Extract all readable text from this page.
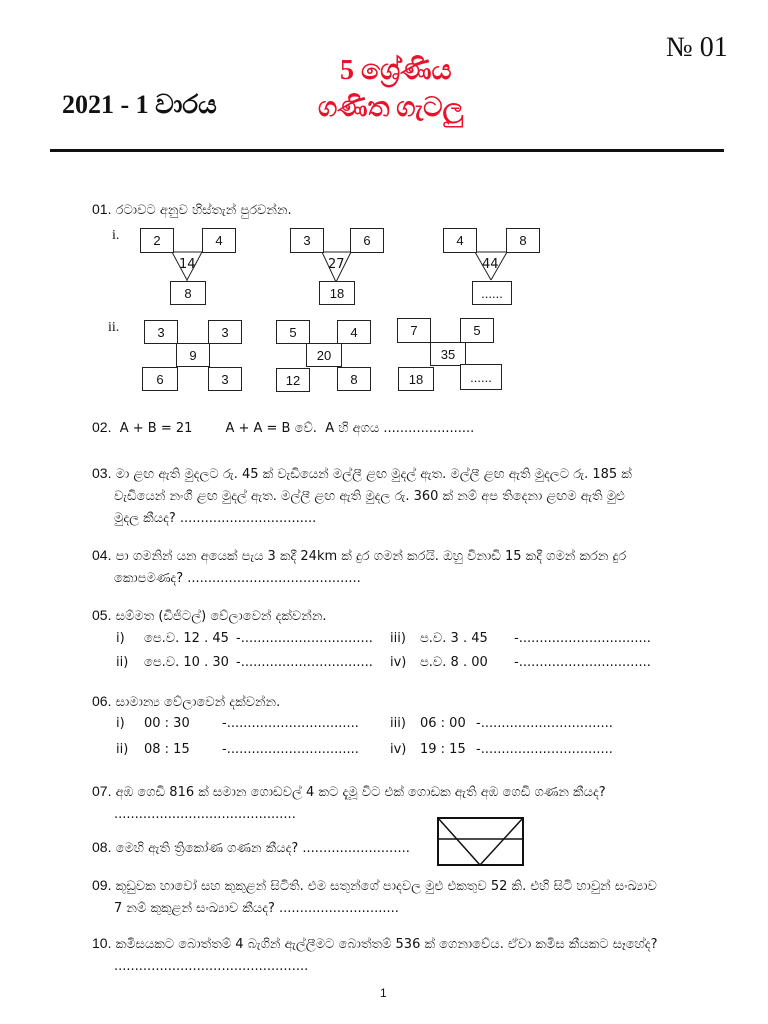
№ 01
5 ශ්‍රේණිය
2021 - 1 වාරය	ගණිත ගැටලු
01. රටාවට අනුව හිස්තැන් පුරවන්න.
i.
ii.
2	4
14
8
3	6
27
18
4	8
44
......
3	3
9
6	3
5	4
20
12	8
7	5
35
18	......
02. A + B = 21        A + A = B වේ.  A හි අගය ......................
03. මා ළඟ ඇති මුදලට රු. 45 ක් වැඩියෙන් මල්ලී ළඟ මුදල් ඇත. මල්ලී ළඟ ඇති මුදලට රු. 185 ක්
වැඩියෙන් නංගී ළඟ මුදල් ඇත. මල්ලී ළඟ ඇති මුදල රු. 360 ක් නම් අප තිදෙනා ළඟම ඇති මුළු
මුදල කීයද? .................................
04. පා ගමනින් යන අයෙක් පැය 3 කදී 24km ක් දුර ගමන් කරයි. ඔහු විනාඩි 15 කදී ගමන් කරන දුර
කොපමණද? ..........................................
05. සම්මත (ඩිජිටල්) වේලාවෙන් දක්වන්න.
i) පෙ.ව. 12 . 45 -................................ iii) ප.ව. 3 . 45 -................................
ii) පෙ.ව. 10 . 30 -................................ iv) ප.ව. 8 . 00 -................................
06. සාමාන්‍ය වේලාවෙන් දක්වන්න.
i) 00 : 30 -................................ iii) 06 : 00 -................................
ii) 08 : 15 -................................ iv) 19 : 15 -................................
07. අඹ ගෙඩි 816 ක් සමාන ගොඩවල් 4 කට දැමූ විට එක් ගොඩක ඇති අඹ ගෙඩි ගණන කීයද?
............................................
08. මෙහි ඇති ත්‍රිකෝණ ගණන කීයද? ..........................
09. කූඩුවක හාවෝ සහ කුකුළන් සිටිති. එම සතුන්ගේ පාදවල මුළු එකතුව 52 කි. එහි සිටි හාවුන් සංඛ්‍යාව
7 නම් කුකුළන් සංඛ්‍යාව කීයද? .............................
10. කමිසයකට බොත්තම් 4 බැගින් ඇල්ලීමට බොත්තම් 536 ක් ගෙනාවේය. ඒවා කමිස කීයකට සෑහේද?
...............................................
1
